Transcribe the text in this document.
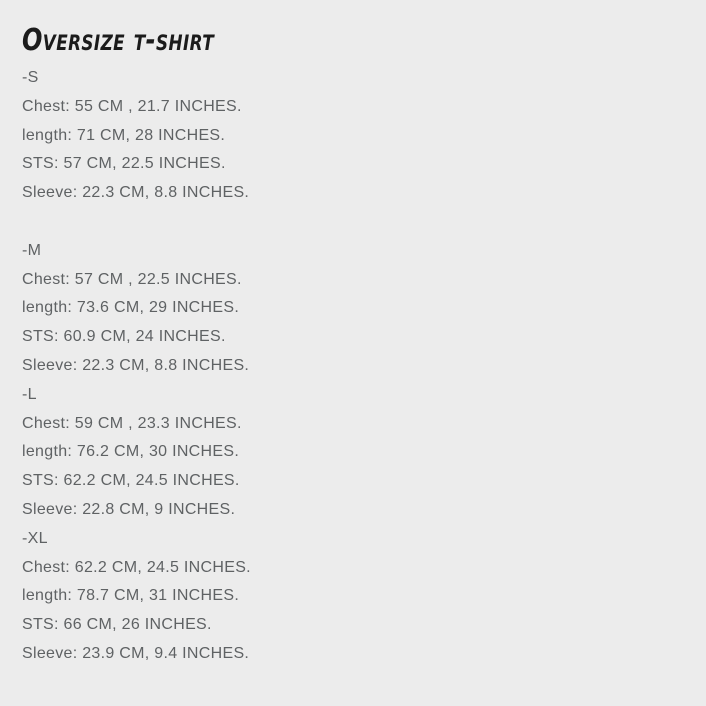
Oversize t-shirt

-S

Chest: 55 CM , 21.7 INCHES.

length: 71 CM, 28 INCHES.

STS: 57 CM, 22.5 INCHES.

Sleeve: 22.3 CM, 8.8 INCHES.

-M

Chest: 57 CM , 22.5 INCHES.

length: 73.6 CM, 29 INCHES.

STS: 60.9 CM, 24 INCHES.

Sleeve: 22.3 CM, 8.8 INCHES.

-L

Chest: 59 CM , 23.3 INCHES.

length: 76.2 CM, 30 INCHES.

STS: 62.2 CM, 24.5 INCHES.

Sleeve: 22.8 CM, 9 INCHES.

-XL

Chest: 62.2 CM, 24.5 INCHES.

length: 78.7 CM, 31 INCHES.

STS: 66 CM, 26 INCHES.

Sleeve: 23.9 CM, 9.4 INCHES.
